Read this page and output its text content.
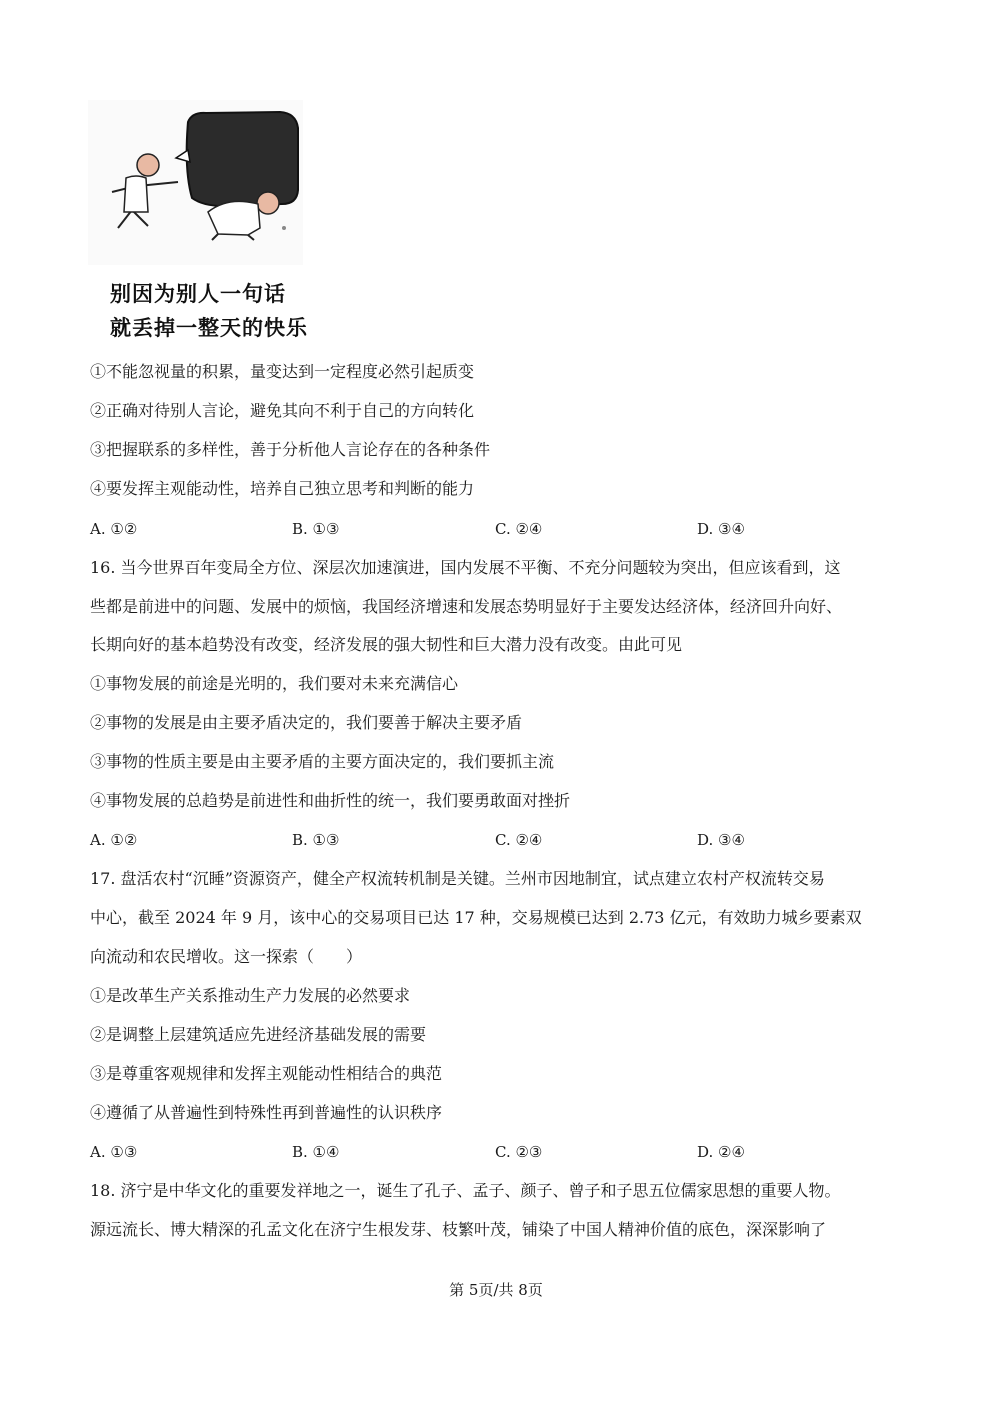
别因为别人一句话
就丢掉一整天的快乐
①不能忽视量的积累，量变达到一定程度必然引起质变
②正确对待别人言论，避免其向不利于自己的方向转化
③把握联系的多样性，善于分析他人言论存在的各种条件
④要发挥主观能动性，培养自己独立思考和判断的能力
A. ①②	B. ①③	C. ②④	D. ③④
16. 当今世界百年变局全方位、深层次加速演进，国内发展不平衡、不充分问题较为突出，但应该看到，这
些都是前进中的问题、发展中的烦恼，我国经济增速和发展态势明显好于主要发达经济体，经济回升向好、
长期向好的基本趋势没有改变，经济发展的强大韧性和巨大潜力没有改变。由此可见
①事物发展的前途是光明的，我们要对未来充满信心
②事物的发展是由主要矛盾决定的，我们要善于解决主要矛盾
③事物的性质主要是由主要矛盾的主要方面决定的，我们要抓主流
④事物发展的总趋势是前进性和曲折性的统一，我们要勇敢面对挫折
A. ①②	B. ①③	C. ②④	D. ③④
17. 盘活农村“沉睡”资源资产，健全产权流转机制是关键。兰州市因地制宜，试点建立农村产权流转交易
中心，截至 2024 年 9 月，该中心的交易项目已达 17 种，交易规模已达到 2.73 亿元，有效助力城乡要素双
向流动和农民增收。这一探索（　　）
①是改革生产关系推动生产力发展的必然要求
②是调整上层建筑适应先进经济基础发展的需要
③是尊重客观规律和发挥主观能动性相结合的典范
④遵循了从普遍性到特殊性再到普遍性的认识秩序
A. ①③	B. ①④	C. ②③	D. ②④
18. 济宁是中华文化的重要发祥地之一，诞生了孔子、孟子、颜子、曾子和子思五位儒家思想的重要人物。
源远流长、博大精深的孔孟文化在济宁生根发芽、枝繁叶茂，铺染了中国人精神价值的底色，深深影响了
第 5页/共 8页
